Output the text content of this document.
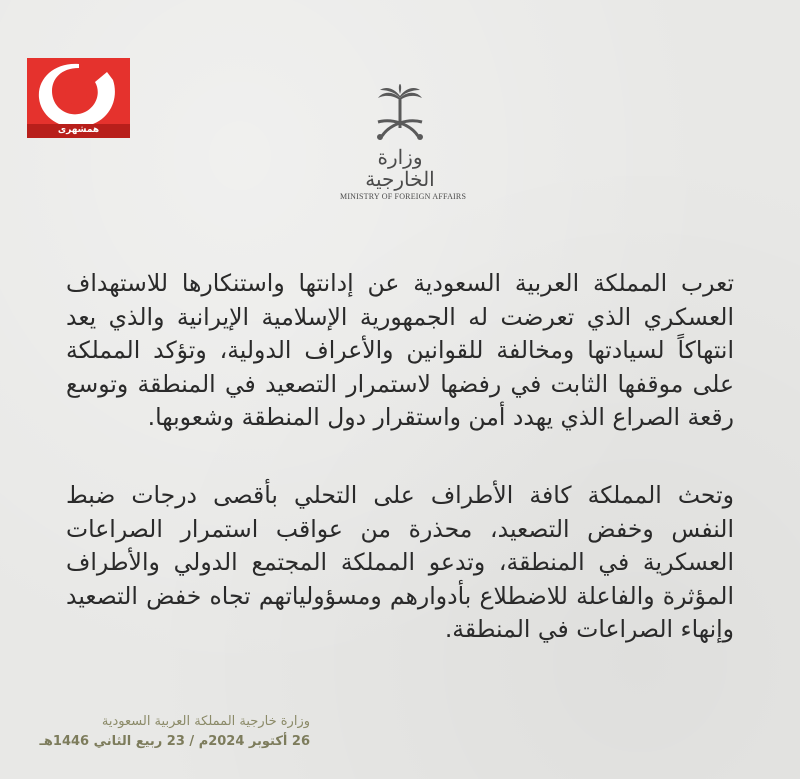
همشهری
وزارة الخارجية
MINISTRY OF FOREIGN AFFAIRS

تعرب المملكة العربية السعودية عن إدانتها واستنكارها للاستهداف العسكري الذي تعرضت له الجمهورية الإسلامية الإيرانية والذي يعد انتهاكاً لسيادتها ومخالفة للقوانين والأعراف الدولية، وتؤكد المملكة على موقفها الثابت في رفضها لاستمرار التصعيد في المنطقة وتوسع رقعة الصراع الذي يهدد أمن واستقرار دول المنطقة وشعوبها.

وتحث المملكة كافة الأطراف على التحلي بأقصى درجات ضبط النفس وخفض التصعيد، محذرة من عواقب استمرار الصراعات العسكرية في المنطقة، وتدعو المملكة المجتمع الدولي والأطراف المؤثرة والفاعلة للاضطلاع بأدوارهم ومسؤولياتهم تجاه خفض التصعيد وإنهاء الصراعات في المنطقة.

وزارة خارجية المملكة العربية السعودية
26 أكتوبر 2024م / 23 ربيع الثاني 1446هـ
